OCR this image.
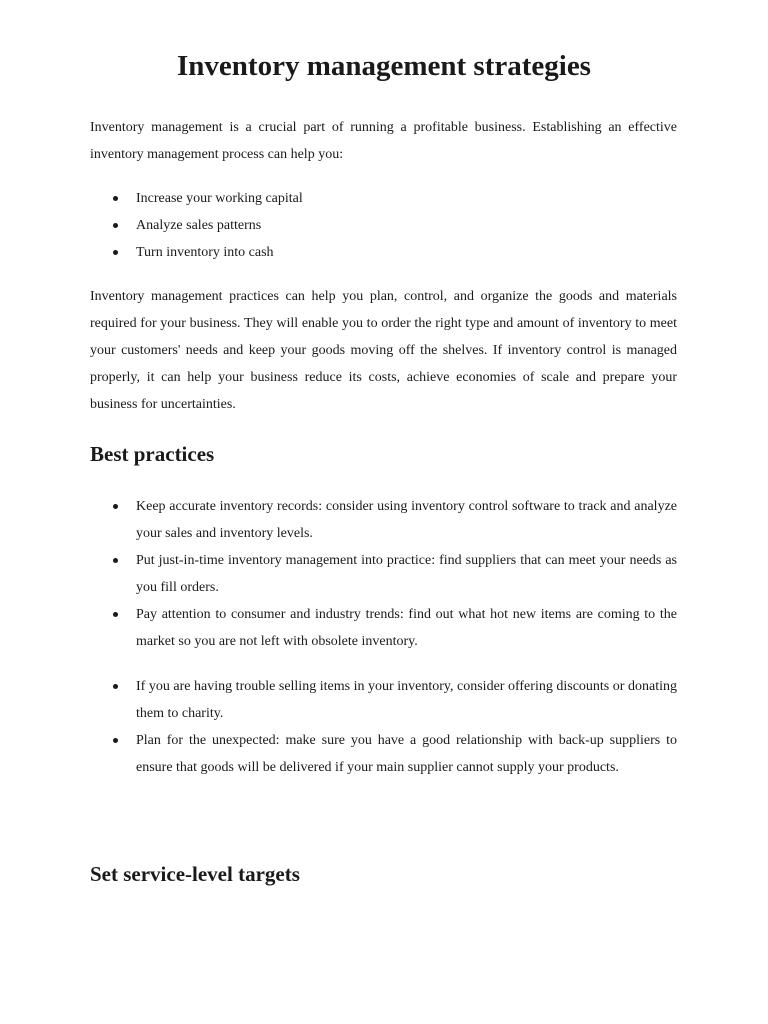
Inventory management strategies

Inventory management is a crucial part of running a profitable business. Establishing an effective inventory management process can help you:

Increase your working capital
Analyze sales patterns
Turn inventory into cash

Inventory management practices can help you plan, control, and organize the goods and materials required for your business. They will enable you to order the right type and amount of inventory to meet your customers' needs and keep your goods moving off the shelves. If inventory control is managed properly, it can help your business reduce its costs, achieve economies of scale and prepare your business for uncertainties.

Best practices
Keep accurate inventory records: consider using inventory control software to track and analyze your sales and inventory levels.
Put just-in-time inventory management into practice: find suppliers that can meet your needs as you fill orders.
Pay attention to consumer and industry trends: find out what hot new items are coming to the market so you are not left with obsolete inventory.
If you are having trouble selling items in your inventory, consider offering discounts or donating them to charity.
Plan for the unexpected: make sure you have a good relationship with back-up suppliers to ensure that goods will be delivered if your main supplier cannot supply your products.
Set service-level targets
